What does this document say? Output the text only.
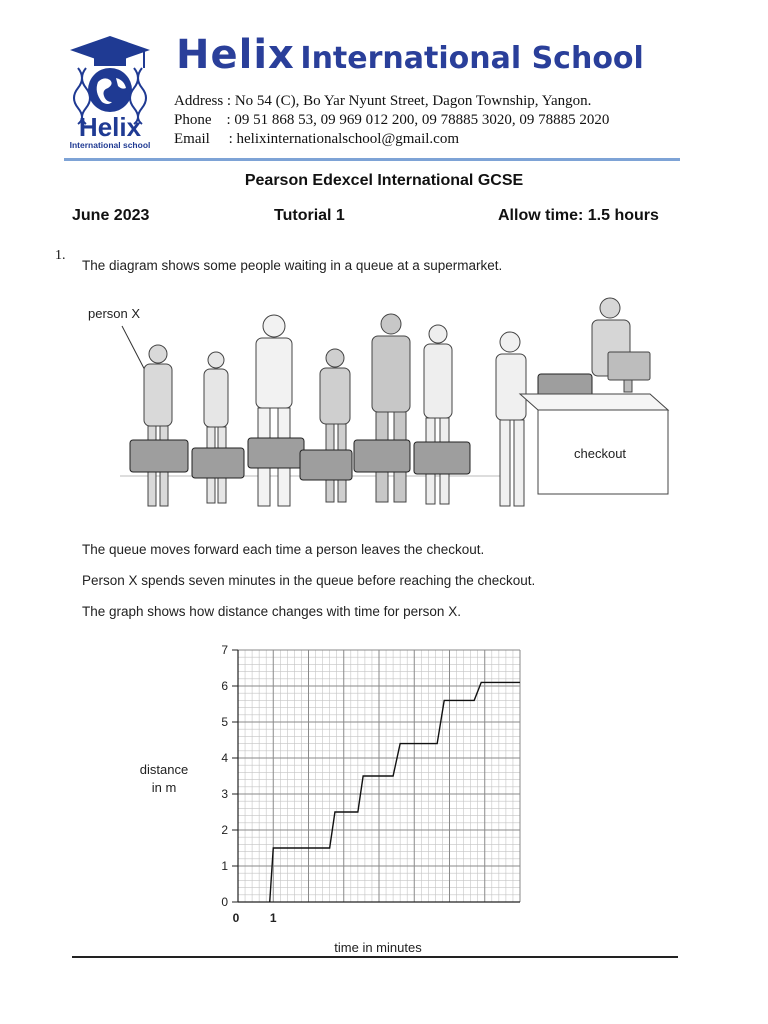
Helix
International school
Helix International School
Address : No 54 (C), Bo Yar Nyunt Street, Dagon Township, Yangon.
Phone    : 09 51 868 53, 09 969 012 200, 09 78885 3020, 09 78885 2020
Email     : helixinternationalschool@gmail.com
Pearson Edexcel International GCSE
June 2023	Tutorial 1	Allow time: 1.5 hours
1.
The diagram shows some people waiting in a queue at a supermarket.
person X
checkout
The queue moves forward each time a person leaves the checkout.
Person X spends seven minutes in the queue before reaching the checkout.
The graph shows how distance changes with time for person X.
0
1
2
3
4
5
6
7
0	1
distance
in m
time in minutes
